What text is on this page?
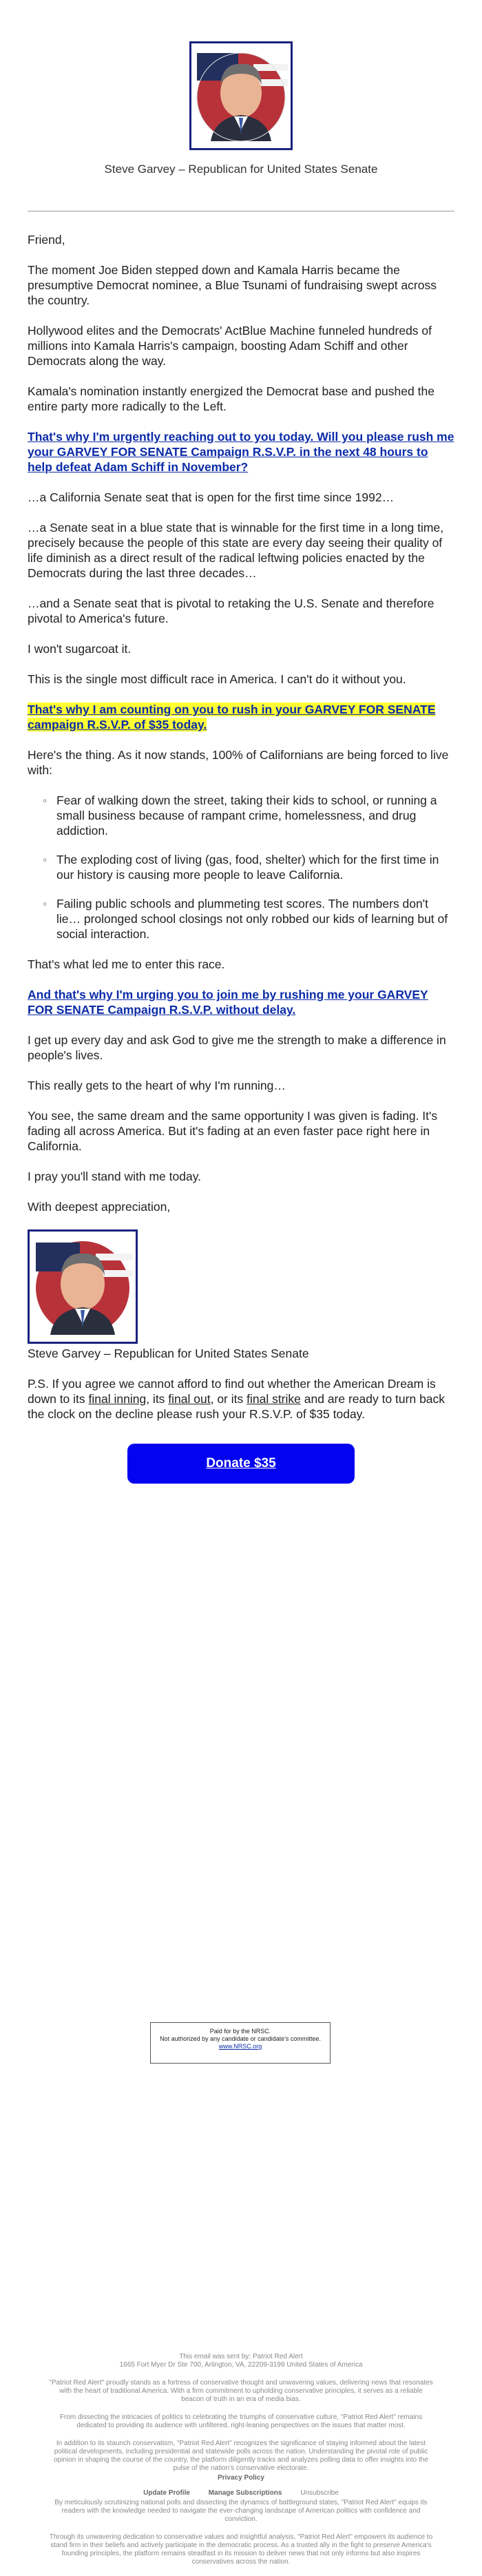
Steve Garvey – Republican for United States Senate

Friend,

The moment Joe Biden stepped down and Kamala Harris became the presumptive Democrat nominee, a Blue Tsunami of fundraising swept across the country.

Hollywood elites and the Democrats' ActBlue Machine funneled hundreds of millions into Kamala Harris's campaign, boosting Adam Schiff and other Democrats along the way.

Kamala's nomination instantly energized the Democrat base and pushed the entire party more radically to the Left.

That's why I'm urgently reaching out to you today. Will you please rush me your GARVEY FOR SENATE Campaign R.S.V.P. in the next 48 hours to help defeat Adam Schiff in November?

…a California Senate seat that is open for the first time since 1992…

…a Senate seat in a blue state that is winnable for the first time in a long time, precisely because the people of this state are every day seeing their quality of life diminish as a direct result of the radical leftwing policies enacted by the Democrats during the last three decades…

…and a Senate seat that is pivotal to retaking the U.S. Senate and therefore pivotal to America's future.

I won't sugarcoat it.

This is the single most difficult race in America. I can't do it without you.

That's why I am counting on you to rush in your GARVEY FOR SENATE campaign R.S.V.P. of $35 today.

Here's the thing. As it now stands, 100% of Californians are being forced to live with:

◦ Fear of walking down the street, taking their kids to school, or running a small business because of rampant crime, homelessness, and drug addiction.
◦ The exploding cost of living (gas, food, shelter) which for the first time in our history is causing more people to leave California.
◦ Failing public schools and plummeting test scores. The numbers don't lie… prolonged school closings not only robbed our kids of learning but of social interaction.

That's what led me to enter this race.

And that's why I'm urging you to join me by rushing me your GARVEY FOR SENATE Campaign R.S.V.P. without delay.

I get up every day and ask God to give me the strength to make a difference in people's lives.

This really gets to the heart of why I'm running…

You see, the same dream and the same opportunity I was given is fading. It's fading all across America. But it's fading at an even faster pace right here in California.

I pray you'll stand with me today.

With deepest appreciation,

Steve Garvey – Republican for United States Senate

P.S. If you agree we cannot afford to find out whether the American Dream is down to its final inning, its final out, or its final strike and are ready to turn back the clock on the decline please rush your R.S.V.P. of $35 today.

Donate $35
Paid for by the NRSC.
Not authorized by any candidate or candidate's committee.
www.NRSC.org

This email was sent by: Patriot Red Alert
1665 Fort Myer Dr Ste 700, Arlington, VA, 22209-3199 United States of America

"Patriot Red Alert" proudly stands as a fortress of conservative thought and unwavering values, delivering news that resonates with the heart of traditional America. With a firm commitment to upholding conservative principles, it serves as a reliable beacon of truth in an era of media bias.

From dissecting the intricacies of politics to celebrating the triumphs of conservative culture, "Patriot Red Alert" remains dedicated to providing its audience with unfiltered, right-leaning perspectives on the issues that matter most.

In addition to its staunch conservatism, "Patriot Red Alert" recognizes the significance of staying informed about the latest political developments, including presidential and statewide polls across the nation. Understanding the pivotal role of public opinion in shaping the course of the country, the platform diligently tracks and analyzes polling data to offer insights into the pulse of the nation's conservative electorate.

Privacy Policy

Update Profile	Manage Subscriptions	Unsubscribe

By meticulously scrutinizing national polls and dissecting the dynamics of battleground states, "Patriot Red Alert" equips its readers with the knowledge needed to navigate the ever-changing landscape of American politics with confidence and conviction.

Through its unwavering dedication to conservative values and insightful analysis, "Patriot Red Alert" empowers its audience to stand firm in their beliefs and actively participate in the democratic process. As a trusted ally in the fight to preserve America's founding principles, the platform remains steadfast in its mission to deliver news that not only informs but also inspires conservatives across the nation.
